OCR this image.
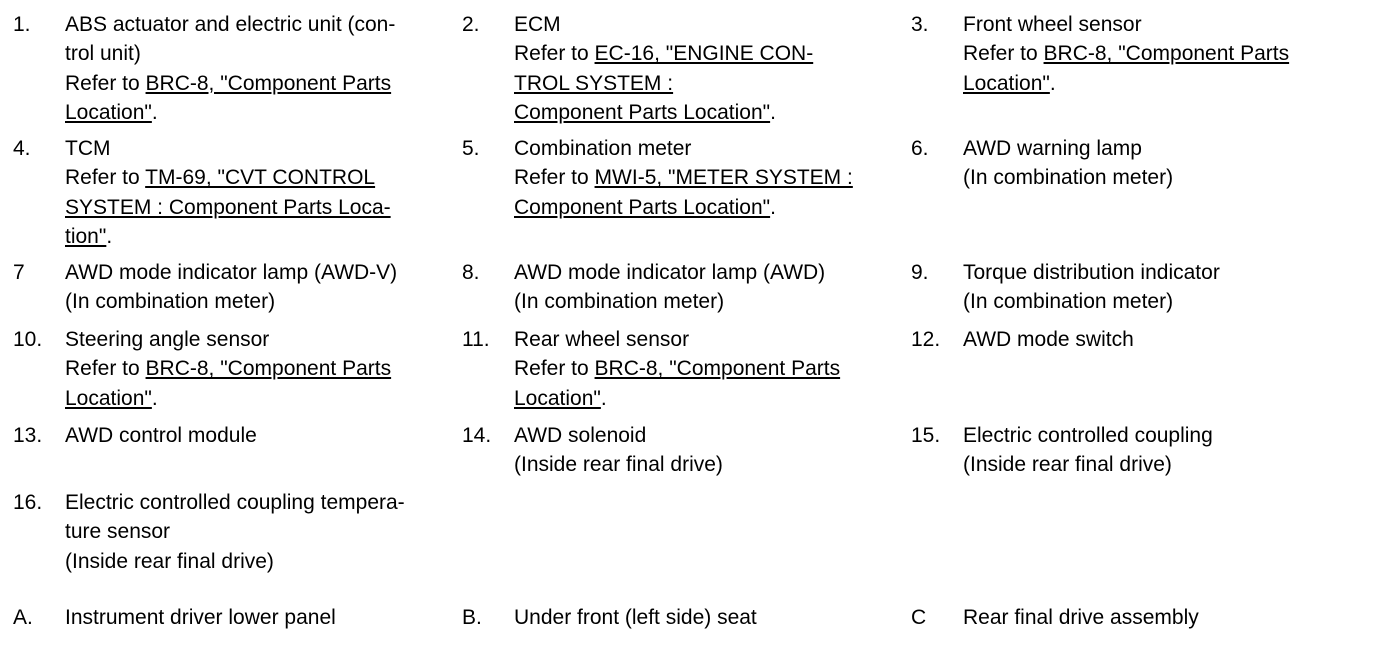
1. ABS actuator and electric unit (con-
trol unit)
Refer to BRC-8, "Component Parts
Location".
2. ECM
Refer to EC-16, "ENGINE CON-
TROL SYSTEM :
Component Parts Location".
3. Front wheel sensor
Refer to BRC-8, "Component Parts
Location".
4. TCM
Refer to TM-69, "CVT CONTROL
SYSTEM : Component Parts Loca-
tion".
5. Combination meter
Refer to MWI-5, "METER SYSTEM :
Component Parts Location".
6. AWD warning lamp
(In combination meter)
7 AWD mode indicator lamp (AWD-V)
(In combination meter)
8. AWD mode indicator lamp (AWD)
(In combination meter)
9. Torque distribution indicator
(In combination meter)
10. Steering angle sensor
Refer to BRC-8, "Component Parts
Location".
11. Rear wheel sensor
Refer to BRC-8, "Component Parts
Location".
12. AWD mode switch
13. AWD control module	14. AWD solenoid
(Inside rear final drive)
15. Electric controlled coupling
(Inside rear final drive)
16. Electric controlled coupling tempera-
ture sensor
(Inside rear final drive)
A. Instrument driver lower panel	B. Under front (left side) seat	C Rear final drive assembly
